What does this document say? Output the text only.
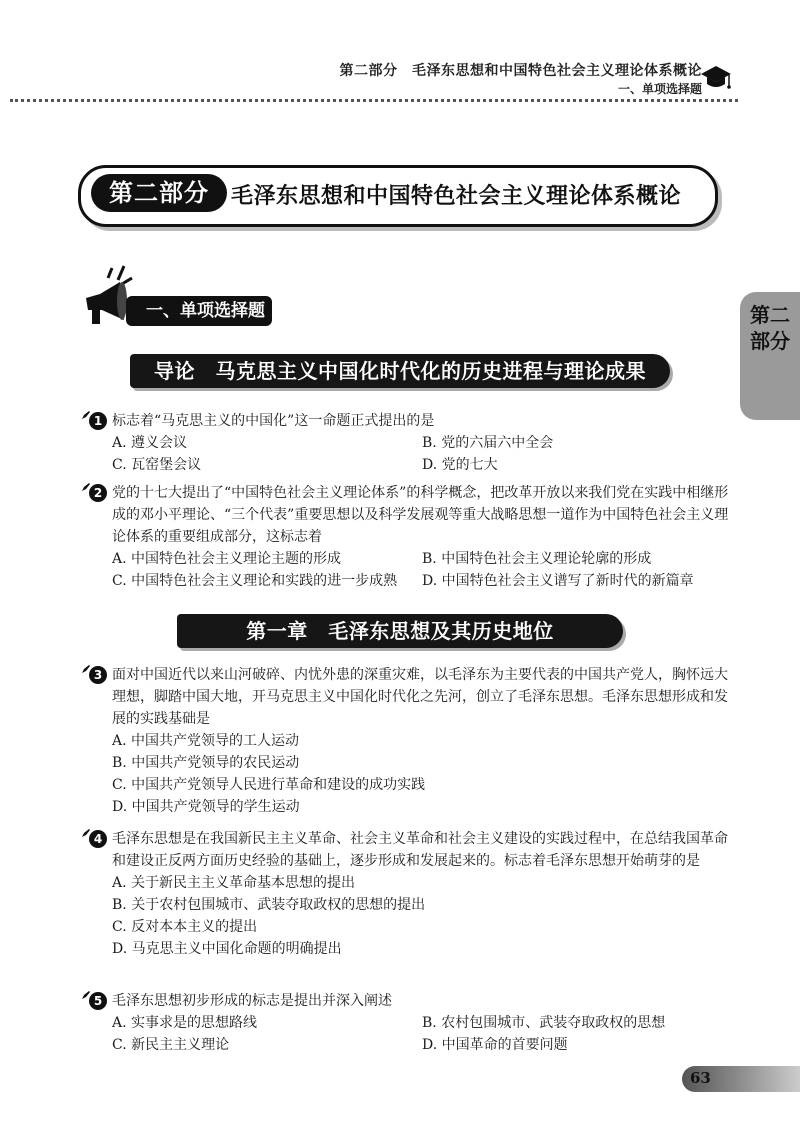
第二部分　毛泽东思想和中国特色社会主义理论体系概论
一、单项选择题
第二部分	毛泽东思想和中国特色社会主义理论体系概论
一、单项选择题	第二部分
导论　马克思主义中国化时代化的历史进程与理论成果
1 标志着“马克思主义的中国化”这一命题正式提出的是
A. 遵义会议	B. 党的六届六中全会
C. 瓦窑堡会议	D. 党的七大
2 党的十七大提出了“中国特色社会主义理论体系”的科学概念，把改革开放以来我们党在实践中相继形成的邓小平理论、“三个代表”重要思想以及科学发展观等重大战略思想一道作为中国特色社会主义理论体系的重要组成部分，这标志着
A. 中国特色社会主义理论主题的形成	B. 中国特色社会主义理论轮廓的形成
C. 中国特色社会主义理论和实践的进一步成熟	D. 中国特色社会主义谱写了新时代的新篇章
第一章　毛泽东思想及其历史地位
3 面对中国近代以来山河破碎、内忧外患的深重灾难，以毛泽东为主要代表的中国共产党人，胸怀远大理想，脚踏中国大地，开马克思主义中国化时代化之先河，创立了毛泽东思想。毛泽东思想形成和发展的实践基础是
A. 中国共产党领导的工人运动
B. 中国共产党领导的农民运动
C. 中国共产党领导人民进行革命和建设的成功实践
D. 中国共产党领导的学生运动
4 毛泽东思想是在我国新民主主义革命、社会主义革命和社会主义建设的实践过程中，在总结我国革命和建设正反两方面历史经验的基础上，逐步形成和发展起来的。标志着毛泽东思想开始萌芽的是
A. 关于新民主主义革命基本思想的提出
B. 关于农村包围城市、武装夺取政权的思想的提出
C. 反对本本主义的提出
D. 马克思主义中国化命题的明确提出
5 毛泽东思想初步形成的标志是提出并深入阐述
A. 实事求是的思想路线	B. 农村包围城市、武装夺取政权的思想
C. 新民主主义理论	D. 中国革命的首要问题
63
